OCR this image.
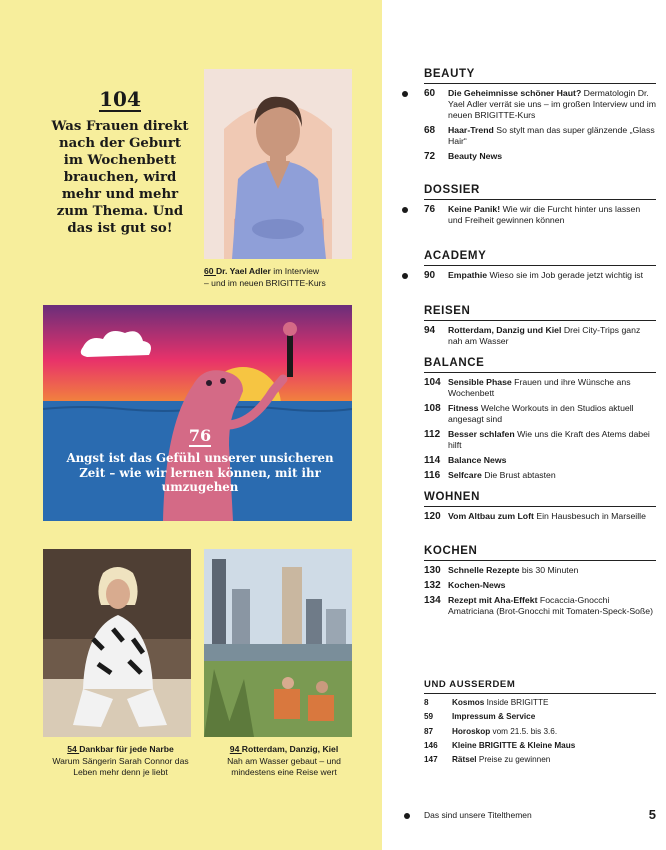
104
Was Frauen direkt nach der Geburt im Wochenbett brauchen, wird mehr und mehr zum Thema. Und das ist gut so!
60 Dr. Yael Adler im Interview
– und im neuen BRIGITTE-Kurs
76
Angst ist das Gefühl unserer unsicheren Zeit – wie wir lernen können, mit ihr umzugehen
54 Dankbar für jede Narbe
Warum Sängerin Sarah Connor das Leben mehr denn je liebt
94 Rotterdam, Danzig, Kiel
Nah am Wasser gebaut – und mindestens eine Reise wert
BEAUTY
60	Die Geheimnisse schöner Haut? Dermatologin Dr. Yael Adler verrät sie uns – im großen Interview und im neuen BRIGITTE-Kurs
68	Haar-Trend So stylt man das super glänzende „Glass Hair“
72	Beauty News
DOSSIER
76	Keine Panik! Wie wir die Furcht hinter uns lassen und Freiheit gewinnen können
ACADEMY
90	Empathie Wieso sie im Job gerade jetzt wichtig ist
REISEN
94	Rotterdam, Danzig und Kiel Drei City-Trips ganz nah am Wasser
BALANCE
104 Sensible Phase Frauen und ihre Wünsche ans Wochenbett
108 Fitness Welche Workouts in den Studios aktuell angesagt sind
112 Besser schlafen Wie uns die Kraft des Atems dabei hilft
114 Balance News
116 Selfcare Die Brust abtasten
WOHNEN
120 Vom Altbau zum Loft Ein Hausbesuch in Marseille
KOCHEN
130 Schnelle Rezepte bis 30 Minuten
132 Kochen-News
134 Rezept mit Aha-Effekt Focaccia-Gnocchi Amatriciana (Brot-Gnocchi mit Tomaten-Speck-Soße)
UND AUSSERDEM
8	Kosmos Inside BRIGITTE
59	Impressum & Service
87	Horoskop vom 21.5. bis 3.6.
146	Kleine BRIGITTE & Kleine Maus
147	Rätsel Preise zu gewinnen
Das sind unsere Titelthemen	5
